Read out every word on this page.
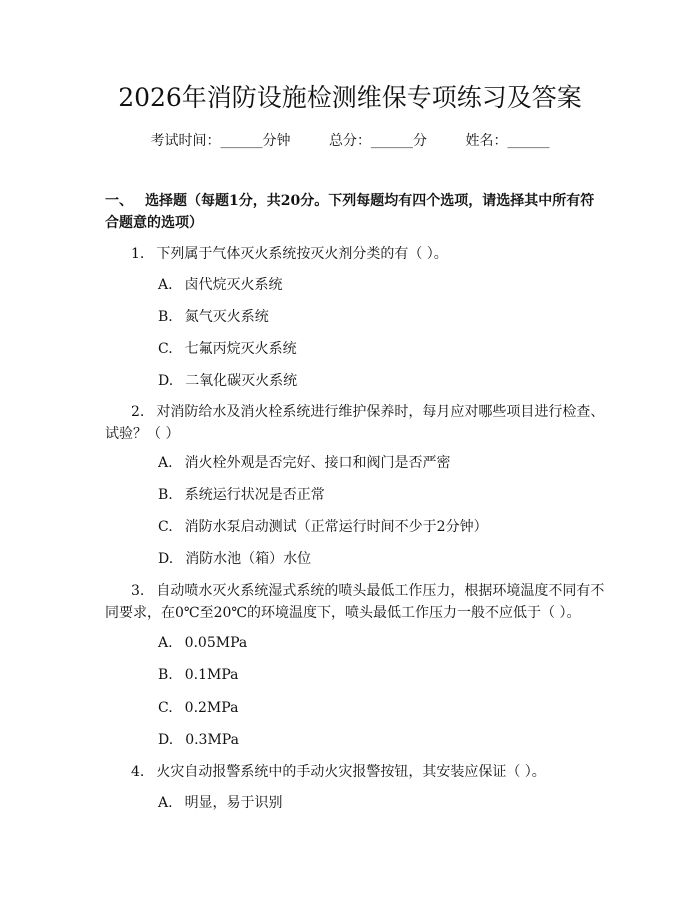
2026年消防设施检测维保专项练习及答案
考试时间：______分钟	总分：______分	姓名：______
一、 选择题（每题1分，共20分。下列每题均有四个选项，请选择其中所有符合题意的选项）
1. 下列属于气体灭火系统按灭火剂分类的有（ ）。
A. 卤代烷灭火系统
B. 氮气灭火系统
C. 七氟丙烷灭火系统
D. 二氧化碳灭火系统
2. 对消防给水及消火栓系统进行维护保养时，每月应对哪些项目进行检查、试验？（ ）
A. 消火栓外观是否完好、接口和阀门是否严密
B. 系统运行状况是否正常
C. 消防水泵启动测试（正常运行时间不少于2分钟）
D. 消防水池（箱）水位
3. 自动喷水灭火系统湿式系统的喷头最低工作压力，根据环境温度不同有不同要求，在0℃至20℃的环境温度下，喷头最低工作压力一般不应低于（ ）。
A. 0.05MPa
B. 0.1MPa
C. 0.2MPa
D. 0.3MPa
4. 火灾自动报警系统中的手动火灾报警按钮，其安装应保证（ ）。
A. 明显，易于识别
